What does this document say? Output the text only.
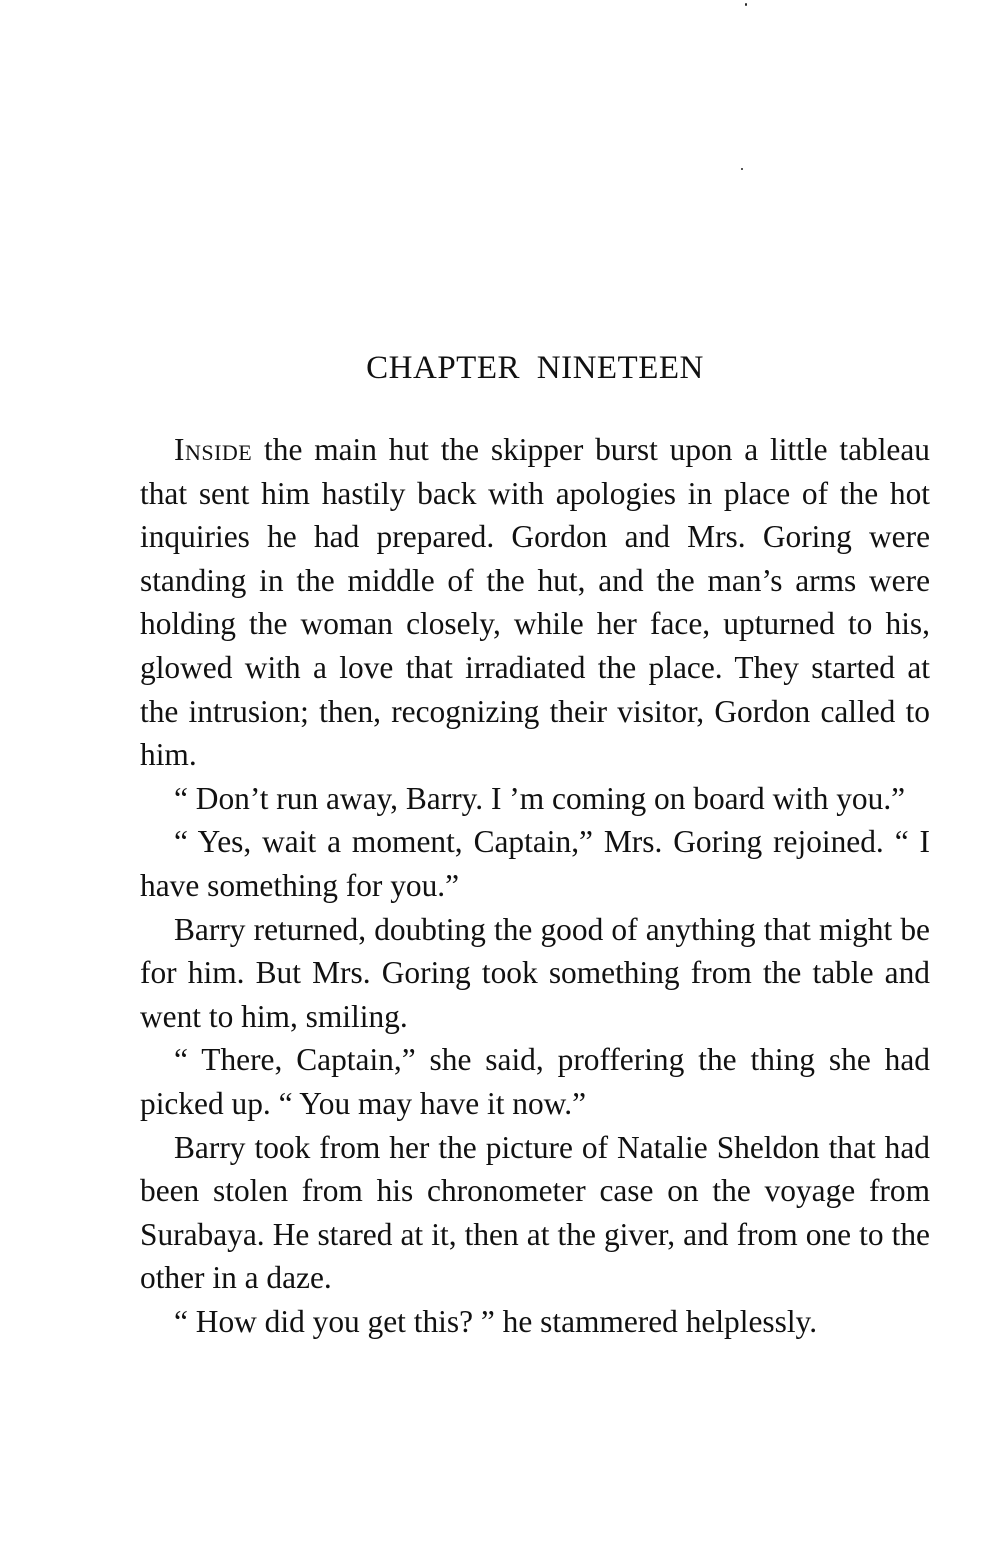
CHAPTER NINETEEN

Inside the main hut the skipper burst upon a little tableau that sent him hastily back with apologies in place of the hot inquiries he had prepared. Gordon and Mrs. Goring were standing in the middle of the hut, and the man’s arms were holding the woman closely, while her face, upturned to his, glowed with a love that irradiated the place. They started at the intrusion; then, recognizing their visitor, Gordon called to him.

“ Don’t run away, Barry. I ’m coming on board with you.”

“ Yes, wait a moment, Captain,” Mrs. Goring rejoined. “ I have something for you.”

Barry returned, doubting the good of anything that might be for him. But Mrs. Goring took something from the table and went to him, smiling.

“ There, Captain,” she said, proffering the thing she had picked up. “ You may have it now.”

Barry took from her the picture of Natalie Sheldon that had been stolen from his chronometer case on the voyage from Surabaya. He stared at it, then at the giver, and from one to the other in a daze.

“ How did you get this? ” he stammered helplessly.
